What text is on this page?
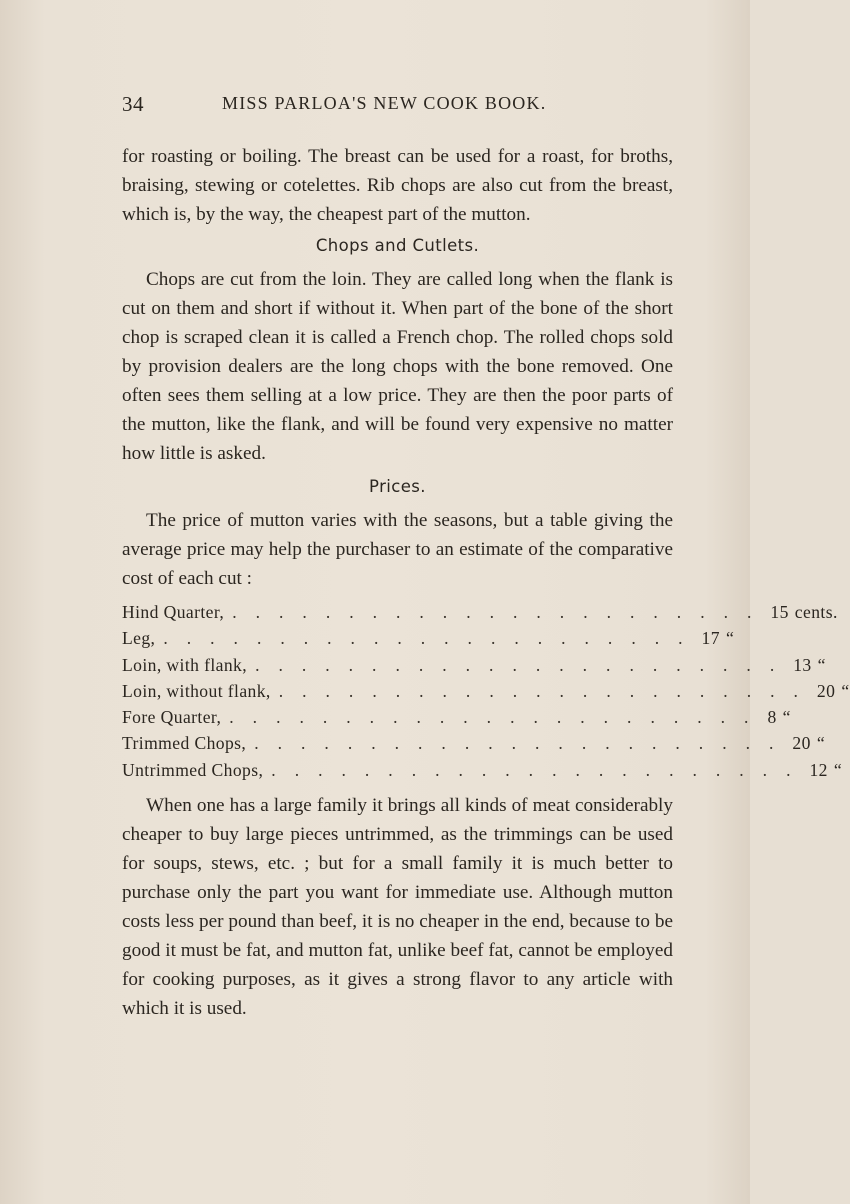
34	MISS PARLOA'S NEW COOK BOOK.

for roasting or boiling. The breast can be used for a roast, for broths, braising, stewing or cotelettes. Rib chops are also cut from the breast, which is, by the way, the cheapest part of the mutton.

Chops and Cutlets.

Chops are cut from the loin. They are called long when the flank is cut on them and short if without it. When part of the bone of the short chop is scraped clean it is called a French chop. The rolled chops sold by provision dealers are the long chops with the bone removed. One often sees them selling at a low price. They are then the poor parts of the mutton, like the flank, and will be found very expensive no matter how little is asked.

Prices.

The price of mutton varies with the seasons, but a table giving the average price may help the purchaser to an estimate of the comparative cost of each cut :

Hind Quarter, ....................... 15 cents.
Leg, ....................... 17 “
Loin, with flank, ....................... 13 “
Loin, without flank, ....................... 20 “
Fore Quarter, ....................... 8 “
Trimmed Chops, ....................... 20 “
Untrimmed Chops, ....................... 12 “

When one has a large family it brings all kinds of meat considerably cheaper to buy large pieces untrimmed, as the trimmings can be used for soups, stews, etc. ; but for a small family it is much better to purchase only the part you want for immediate use. Although mutton costs less per pound than beef, it is no cheaper in the end, because to be good it must be fat, and mutton fat, unlike beef fat, cannot be employed for cooking purposes, as it gives a strong flavor to any article with which it is used.
